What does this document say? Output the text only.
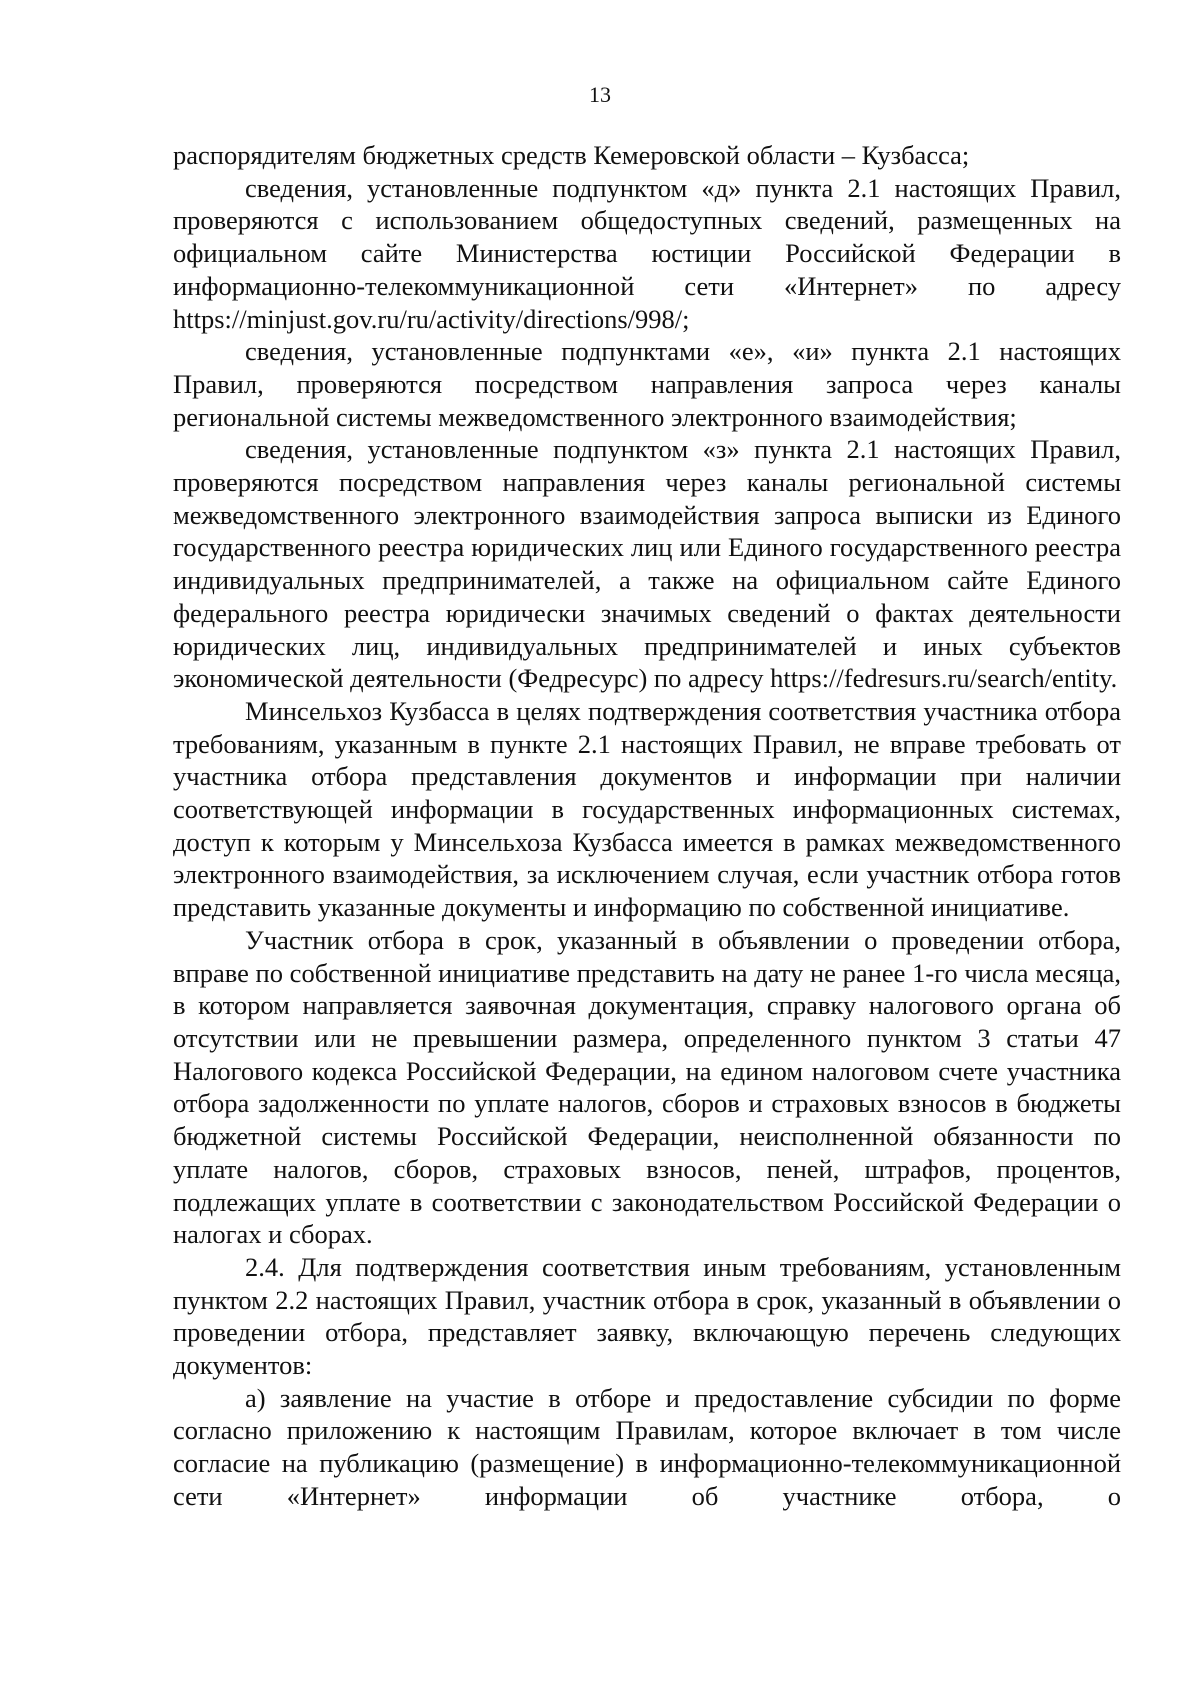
13

распорядителям бюджетных средств Кемеровской области – Кузбасса;

сведения, установленные подпунктом «д» пункта 2.1 настоящих Правил, проверяются с использованием общедоступных сведений, размещенных на официальном сайте Министерства юстиции Российской Федерации в информационно-телекоммуникационной сети «Интернет» по адресу https://minjust.gov.ru/ru/activity/directions/998/;

сведения, установленные подпунктами «е», «и» пункта 2.1 настоящих Правил, проверяются посредством направления запроса через каналы региональной системы межведомственного электронного взаимодействия;

сведения, установленные подпунктом «з» пункта 2.1 настоящих Правил, проверяются посредством направления через каналы региональной системы межведомственного электронного взаимодействия запроса выписки из Единого государственного реестра юридических лиц или Единого государственного реестра индивидуальных предпринимателей, а также на официальном сайте Единого федерального реестра юридически значимых сведений о фактах деятельности юридических лиц, индивидуальных предпринимателей и иных субъектов экономической деятельности (Федресурс) по адресу https://fedresurs.ru/search/entity.

Минсельхоз Кузбасса в целях подтверждения соответствия участника отбора требованиям, указанным в пункте 2.1 настоящих Правил, не вправе требовать от участника отбора представления документов и информации при наличии соответствующей информации в государственных информационных системах, доступ к которым у Минсельхоза Кузбасса имеется в рамках межведомственного электронного взаимодействия, за исключением случая, если участник отбора готов представить указанные документы и информацию по собственной инициативе.

Участник отбора в срок, указанный в объявлении о проведении отбора, вправе по собственной инициативе представить на дату не ранее 1-го числа месяца, в котором направляется заявочная документация, справку налогового органа об отсутствии или не превышении размера, определенного пунктом 3 статьи 47 Налогового кодекса Российской Федерации, на едином налоговом счете участника отбора задолженности по уплате налогов, сборов и страховых взносов в бюджеты бюджетной системы Российской Федерации, неисполненной обязанности по уплате налогов, сборов, страховых взносов, пеней, штрафов, процентов, подлежащих уплате в соответствии с законодательством Российской Федерации о налогах и сборах.

2.4. Для подтверждения соответствия иным требованиям, установленным пунктом 2.2 настоящих Правил, участник отбора в срок, указанный в объявлении о проведении отбора, представляет заявку, включающую перечень следующих документов:

а) заявление на участие в отборе и предоставление субсидии по форме согласно приложению к настоящим Правилам, которое включает в том числе согласие на публикацию (размещение) в информационно-телекоммуникационной сети «Интернет» информации об участнике отбора, о
